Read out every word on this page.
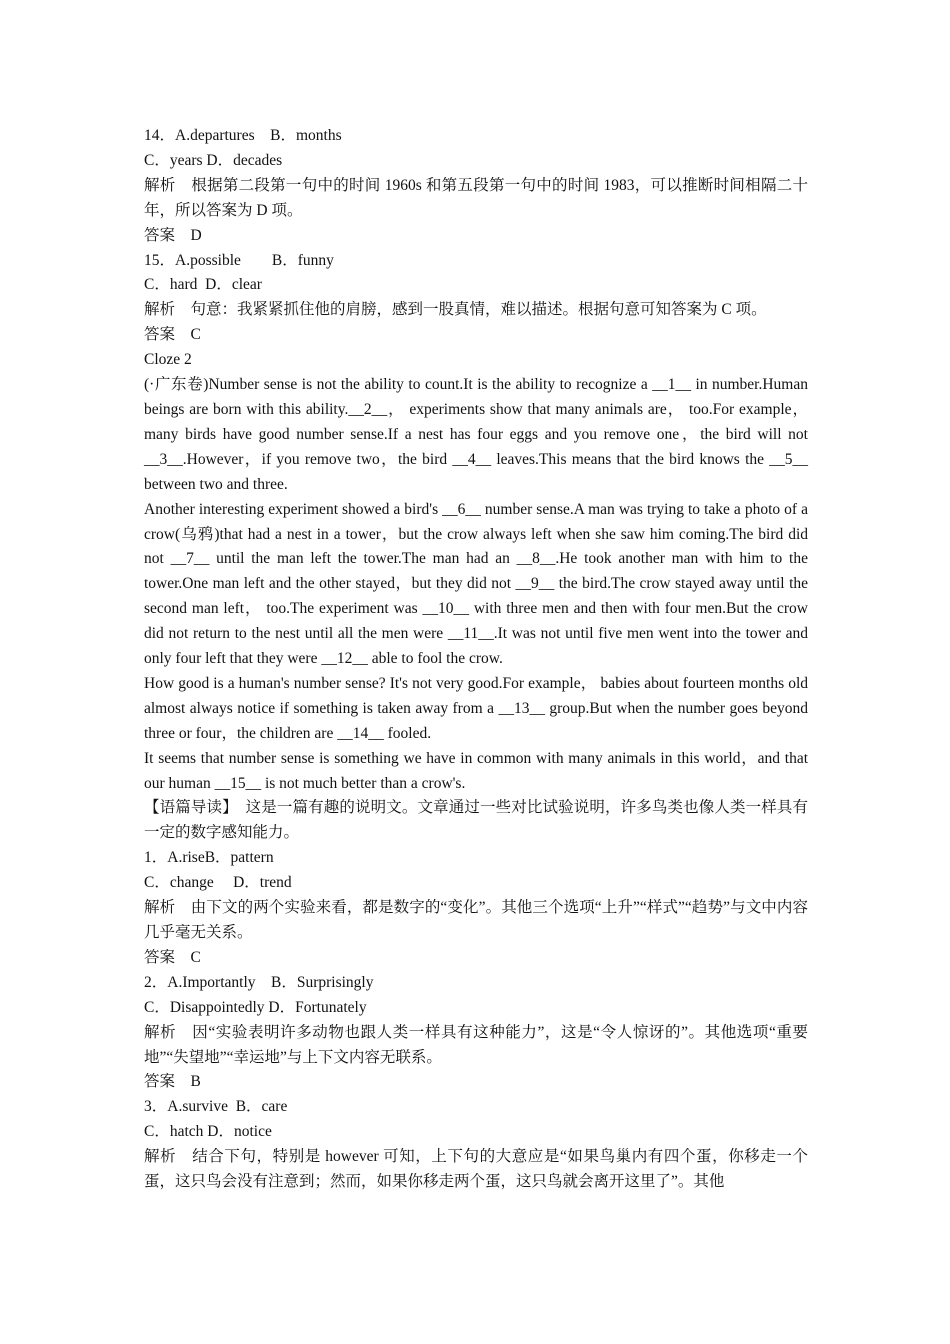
14．A.departures　B．months

C．years D．decades

解析　根据第二段第一句中的时间 1960s 和第五段第一句中的时间 1983，可以推断时间相隔二十年，所以答案为 D 项。

答案　D

15．A.possible　　B．funny

C．hard  D．clear

解析　句意：我紧紧抓住他的肩膀，感到一股真情，难以描述。根据句意可知答案为 C 项。

答案　C

Cloze 2

(·广东卷)Number sense is not the ability to count.It is the ability to recognize a __1__ in number.Human beings are born with this ability.__2__， experiments show that many animals are， too.For example， many birds have good number sense.If a nest has four eggs and you remove one，the bird will not __3__.However，if you remove two，the bird __4__ leaves.This means that the bird knows the __5__ between two and three.

Another interesting experiment showed a bird's __6__ number sense.A man was trying to take a photo of a crow(乌鸦)that had a nest in a tower，but the crow always left when she saw him coming.The bird did not __7__ until the man left the tower.The man had an __8__.He took another man with him to the tower.One man left and the other stayed，but they did not __9__ the bird.The crow stayed away until the second man left， too.The experiment was __10__ with three men and then with four men.But the crow did not return to the nest until all the men were __11__.It was not until five men went into the tower and only four left that they were __12__ able to fool the crow.

How good is a human's number sense? It's not very good.For example， babies about fourteen months old almost always notice if something is taken away from a __13__ group.But when the number goes beyond three or four，the children are __14__ fooled.

It seems that number sense is something we have in common with many animals in this world，and that our human __15__ is not much better than a crow's.

【语篇导读】　这是一篇有趣的说明文。文章通过一些对比试验说明，许多鸟类也像人类一样具有一定的数字感知能力。

1．A.riseB．pattern

C．change　 D．trend

解析　由下文的两个实验来看，都是数字的“变化”。其他三个选项“上升”“样式”“趋势”与文中内容几乎毫无关系。

答案　C

2．A.Importantly　B．Surprisingly

C．Disappointedly D．Fortunately

解析　因“实验表明许多动物也跟人类一样具有这种能力”，这是“令人惊讶的”。其他选项“重要地”“失望地”“幸运地”与上下文内容无联系。

答案　B

3．A.survive  B．care

C．hatch D．notice

解析　结合下句，特别是 however 可知，上下句的大意应是“如果鸟巢内有四个蛋，你移走一个蛋，这只鸟会没有注意到；然而，如果你移走两个蛋，这只鸟就会离开这里了”。其他
